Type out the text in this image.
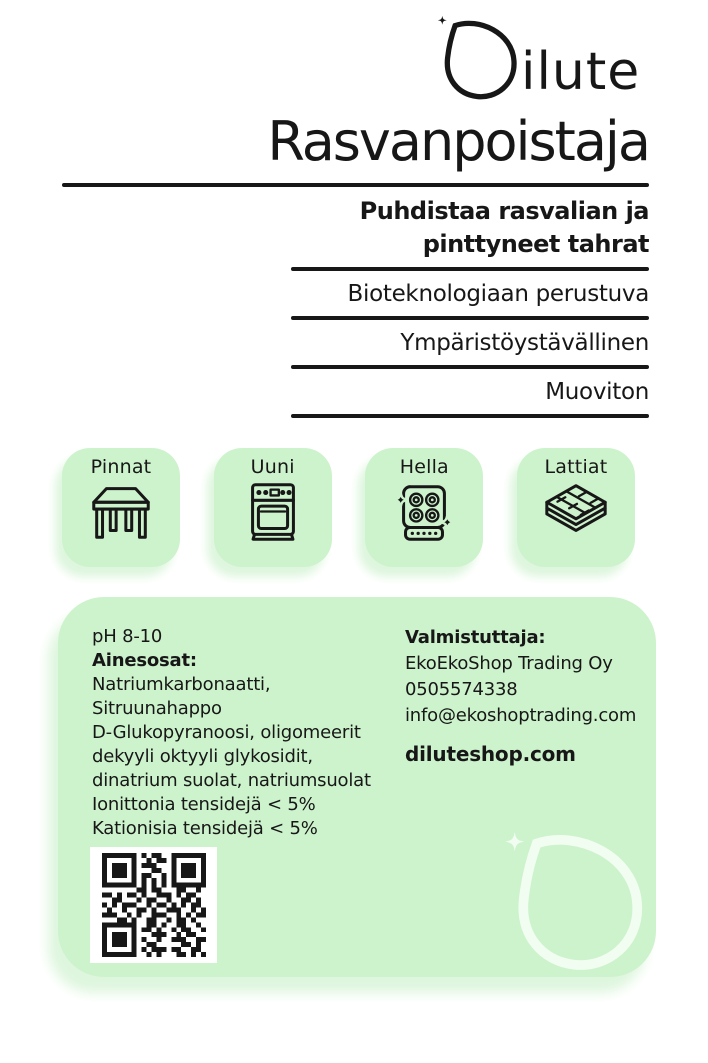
ilute
Rasvanpoistaja
Puhdistaa rasvalian ja
pinttyneet tahrat
Bioteknologiaan perustuva
Ympäristöystävällinen
Muoviton
Pinnat	Uuni	Hella	Lattiat
pH 8-10
Ainesosat:
Natriumkarbonaatti,
Sitruunahappo
D-Glukopyranoosi, oligomeerit
dekyyli oktyyli glykosidit,
dinatrium suolat, natriumsuolat
Ionittonia tensidejä < 5%
Kationisia tensidejä < 5%
Valmistuttaja:
EkoEkoShop Trading Oy
0505574338
info@ekoshoptrading.com
diluteshop.com
